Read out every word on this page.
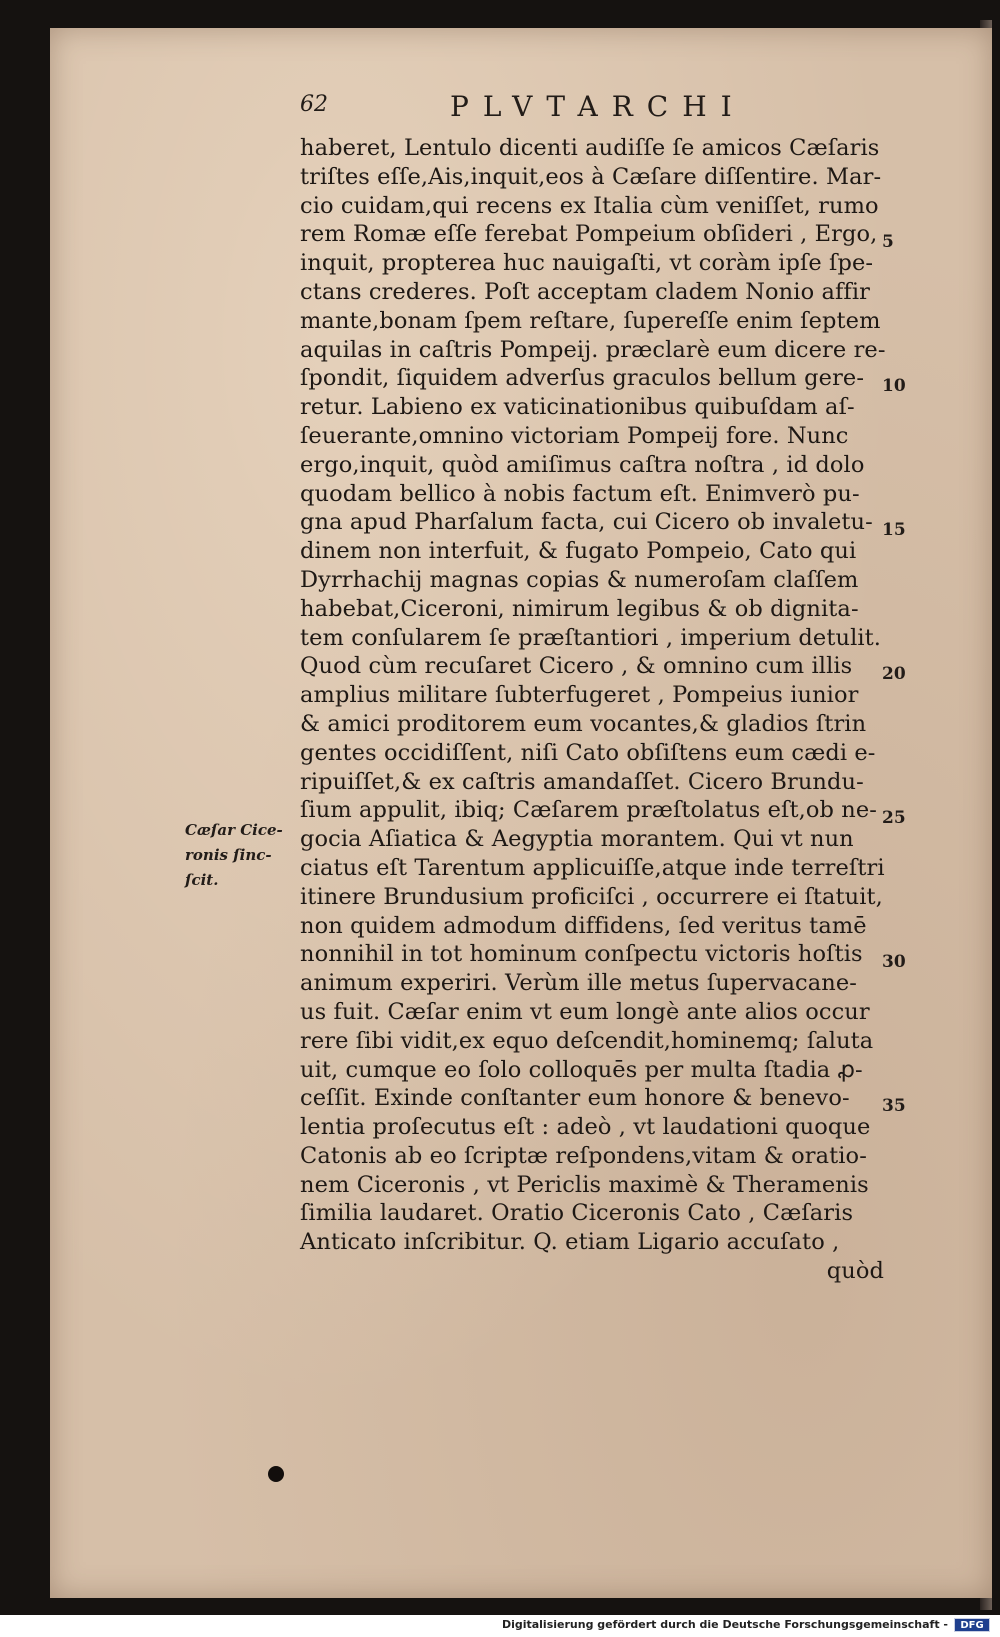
62	PLVTARCHI
haberet, Lentulo dicenti audiſſe ſe amicos Cæſaris
triſtes eſſe,Ais,inquit,eos à Cæſare diſſentire. Mar-
cio cuidam,qui recens ex Italia cùm veniſſet, rumo
rem Romæ eſſe ferebat Pompeium obſideri , Ergo,
inquit, propterea huc nauigaſti, vt coràm ipſe ſpe-
ctans crederes. Poſt acceptam cladem Nonio affir
mante,bonam ſpem reſtare, ſupereſſe enim ſeptem
aquilas in caſtris Pompeij. præclarè eum dicere re-
ſpondit, ſiquidem adverſus graculos bellum gere-
retur. Labieno ex vaticinationibus quibuſdam aſ-
ſeuerante,omnino victoriam Pompeij fore. Nunc
ergo,inquit, quòd amiſimus caſtra noſtra , id dolo
quodam bellico à nobis factum eſt. Enimverò pu-
gna apud Pharſalum facta, cui Cicero ob invaletu-
dinem non interfuit, & fugato Pompeio, Cato qui
Dyrrhachij magnas copias & numeroſam claſſem
habebat,Ciceroni, nimirum legibus & ob dignita-
tem conſularem ſe præſtantiori , imperium detulit.
Quod cùm recuſaret Cicero , & omnino cum illis
amplius militare ſubterfugeret , Pompeius iunior
& amici proditorem eum vocantes,& gladios ſtrin
gentes occidiſſent, niſi Cato obſiſtens eum cædi e-
ripuiſſet,& ex caſtris amandaſſet. Cicero Brundu-
ſium appulit, ibiq; Cæſarem præſtolatus eſt,ob ne-
gocia Aſiatica & Aegyptia morantem. Qui vt nun
ciatus eſt Tarentum applicuiſſe,atque inde terreſtri
itinere Brundusium proficiſci , occurrere ei ſtatuit,
non quidem admodum diffidens, ſed veritus tamē
nonnihil in tot hominum conſpectu victoris hoſtis
animum experiri. Verùm ille metus ſupervacane-
us fuit. Cæſar enim vt eum longè ante alios occur
rere ſibi vidit,ex equo deſcendit,hominemq; ſaluta
uit, cumque eo ſolo colloquēs per multa ſtadia ꝓ-
ceſſit. Exinde conſtanter eum honore & benevo-
lentia proſecutus eſt : adeò , vt laudationi quoque
Catonis ab eo ſcriptæ reſpondens,vitam & oratio-
nem Ciceronis , vt Periclis maximè & Theramenis
ſimilia laudaret. Oratio Ciceronis Cato , Cæſaris
Anticato inſcribitur. Q. etiam Ligario accuſato ,
quòd
5
10
15
20
25
30
35
Cæſar Cice-
ronis ſinc-
ſcit.
Digitalisierung gefördert durch die Deutsche Forschungsgemeinschaft -	DFG
